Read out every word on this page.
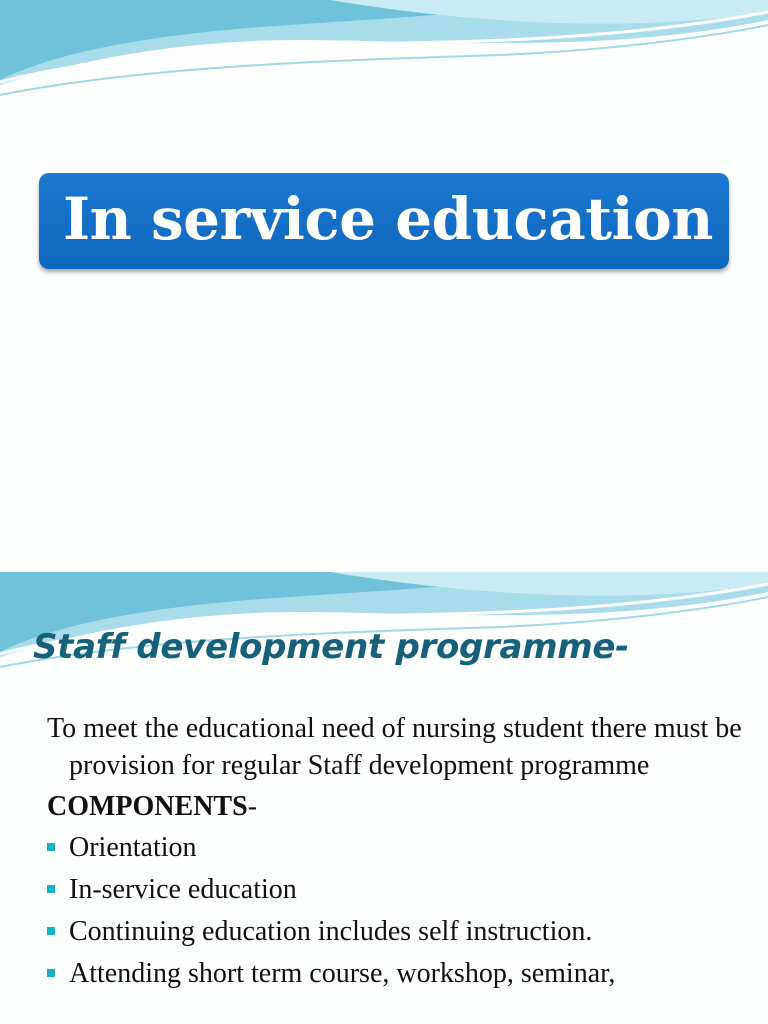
In service education
Staff development programme-

To meet the educational need of nursing student there must be provision for regular Staff development programme

COMPONENTS-

Orientation
In-service education
Continuing education includes self instruction.
Attending short term course, workshop, seminar,
